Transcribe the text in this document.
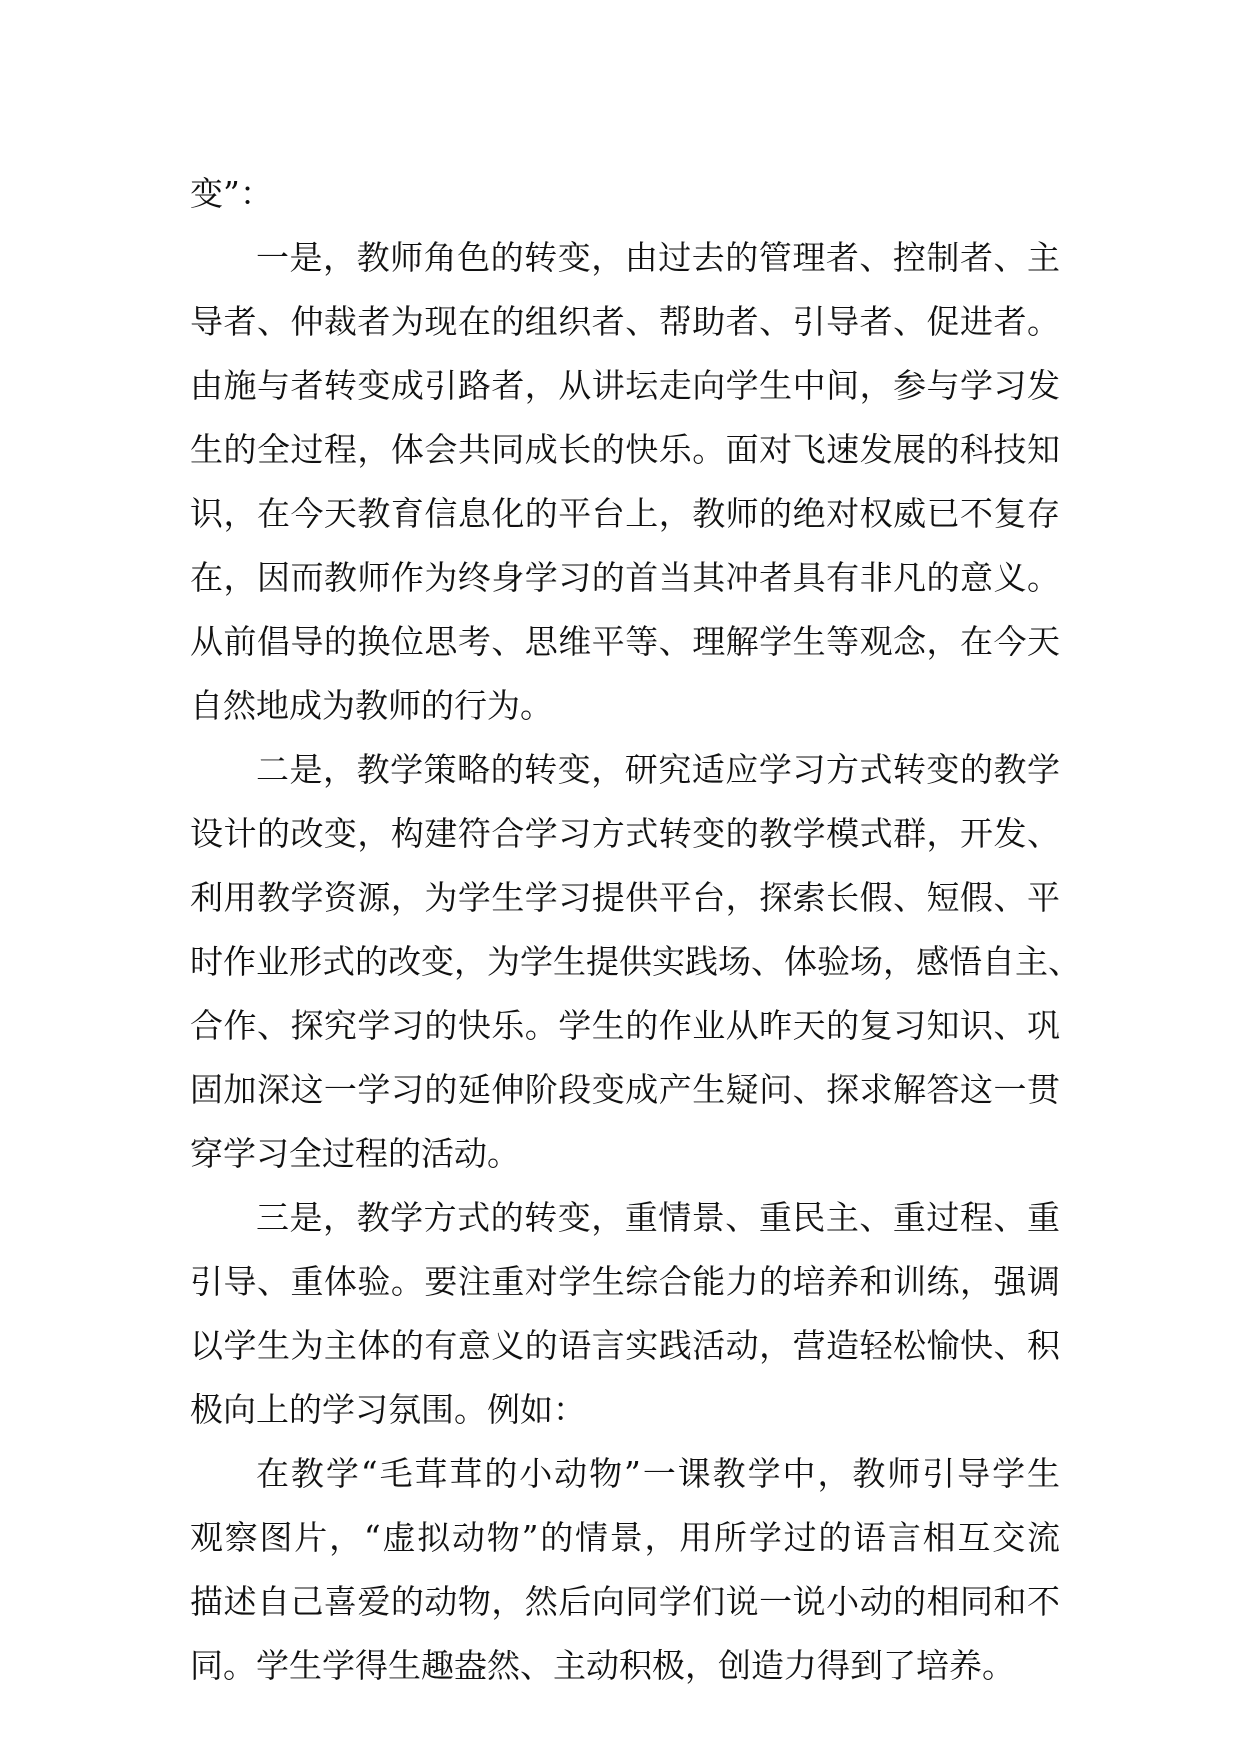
变”：
一是，教师角色的转变，由过去的管理者、控制者、主
导者、仲裁者为现在的组织者、帮助者、引导者、促进者。
由施与者转变成引路者，从讲坛走向学生中间，参与学习发
生的全过程，体会共同成长的快乐。面对飞速发展的科技知
识，在今天教育信息化的平台上，教师的绝对权威已不复存
在，因而教师作为终身学习的首当其冲者具有非凡的意义。
从前倡导的换位思考、思维平等、理解学生等观念，在今天
自然地成为教师的行为。
二是，教学策略的转变，研究适应学习方式转变的教学
设计的改变，构建符合学习方式转变的教学模式群，开发、
利用教学资源，为学生学习提供平台，探索长假、短假、平
时作业形式的改变，为学生提供实践场、体验场，感悟自主、
合作、探究学习的快乐。学生的作业从昨天的复习知识、巩
固加深这一学习的延伸阶段变成产生疑问、探求解答这一贯
穿学习全过程的活动。
三是，教学方式的转变，重情景、重民主、重过程、重
引导、重体验。要注重对学生综合能力的培养和训练，强调
以学生为主体的有意义的语言实践活动，营造轻松愉快、积
极向上的学习氛围。例如：
在教学“毛茸茸的小动物”一课教学中，教师引导学生
观察图片，“虚拟动物”的情景，用所学过的语言相互交流
描述自己喜爱的动物，然后向同学们说一说小动的相同和不
同。学生学得生趣盎然、主动积极，创造力得到了培养。
